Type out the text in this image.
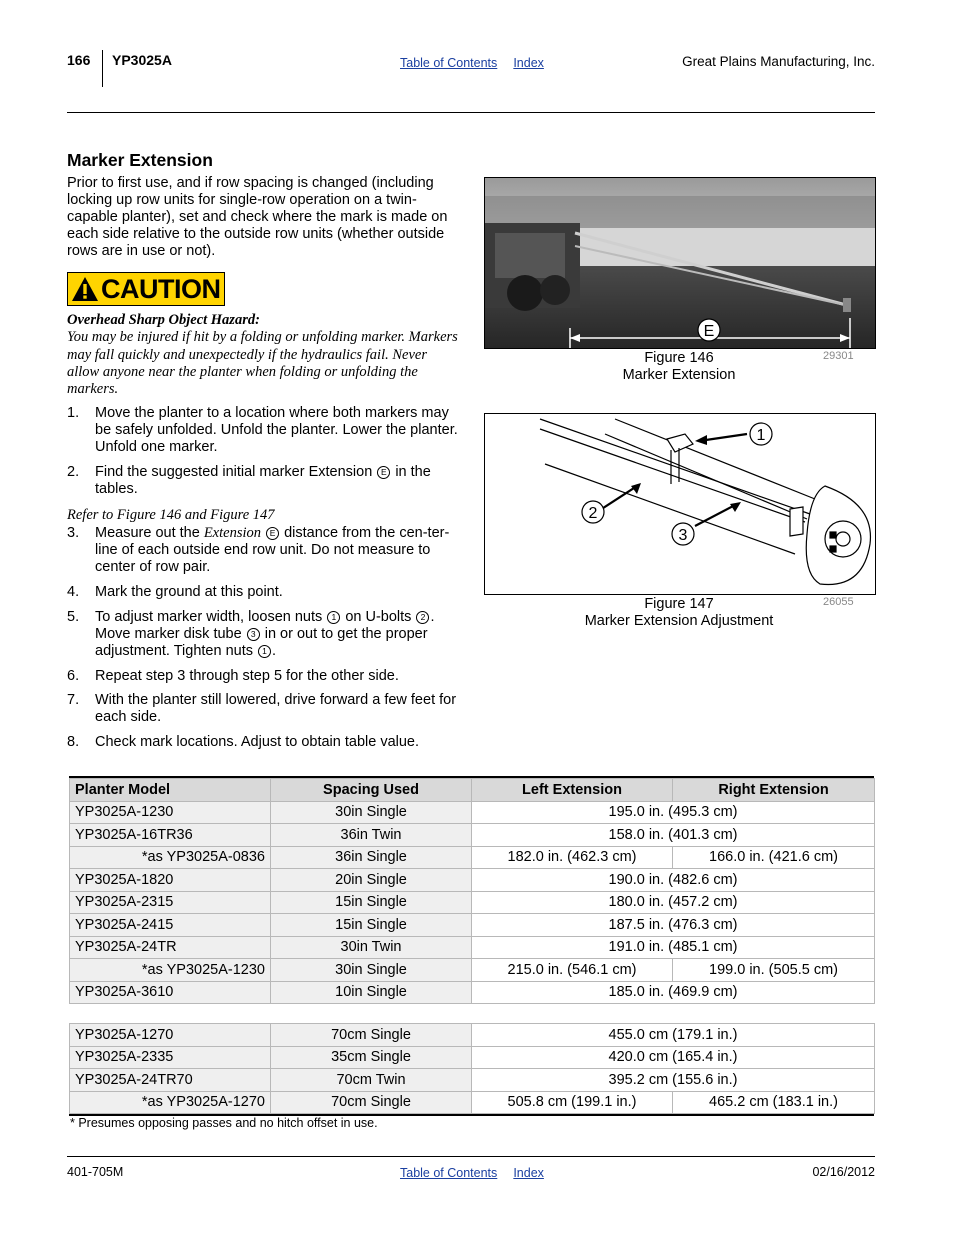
166 YP3025A	Table of Contents Index	Great Plains Manufacturing, Inc.
Marker Extension
Prior to first use, and if row spacing is changed (including locking up row units for single-row operation on a twin-capable planter), set and check where the mark is made on each side relative to the outside row units (whether outside rows are in use or not).
CAUTION
Overhead Sharp Object Hazard:
You may be injured if hit by a folding or unfolding marker. Markers may fall quickly and unexpectedly if the hydraulics fail. Never allow anyone near the planter when folding or unfolding the markers.
1.	Move the planter to a location where both markers may be safely unfolded. Unfold the planter. Lower the planter. Unfold one marker.
2.	Find the suggested initial marker Extension E in the tables.
Refer to Figure 146 and Figure 147
3.	Measure out the Extension E distance from the cen-ter-line of each outside end row unit. Do not measure to center of row pair.
4.	Mark the ground at this point.
5.	To adjust marker width, loosen nuts 1 on U-bolts 2 . Move marker disk tube 3 in or out to get the proper adjustment. Tighten nuts 1 .
6.	Repeat step 3 through step 5 for the other side.
7.	With the planter still lowered, drive forward a few feet for each side.
8.	Check mark locations. Adjust to obtain table value.
E
Figure 146
Marker Extension
29301
1
2
3
Figure 147
Marker Extension Adjustment
26055
Planter Model	Spacing Used	Left Extension	Right Extension
YP3025A-1230	30in Single	195.0 in. (495.3 cm)	
YP3025A-16TR36	36in Twin	158.0 in. (401.3 cm)	
*as YP3025A-0836	36in Single	182.0 in. (462.3 cm)	166.0 in. (421.6 cm)
YP3025A-1820	20in Single	190.0 in. (482.6 cm)	
YP3025A-2315	15in Single	180.0 in. (457.2 cm)	
YP3025A-2415	15in Single	187.5 in. (476.3 cm)	
YP3025A-24TR	30in Twin	191.0 in. (485.1 cm)	
*as YP3025A-1230	30in Single	215.0 in. (546.1 cm)	199.0 in. (505.5 cm)
YP3025A-3610	10in Single	185.0 in. (469.9 cm)	

YP3025A-1270	70cm Single	455.0 cm (179.1 in.)	
YP3025A-2335	35cm Single	420.0 cm (165.4 in.)	
YP3025A-24TR70	70cm Twin	395.2 cm (155.6 in.)	
*as YP3025A-1270	70cm Single	505.8 cm (199.1 in.)	465.2 cm (183.1 in.)
* Presumes opposing passes and no hitch offset in use.
401-705M	Table of Contents Index	02/16/2012
